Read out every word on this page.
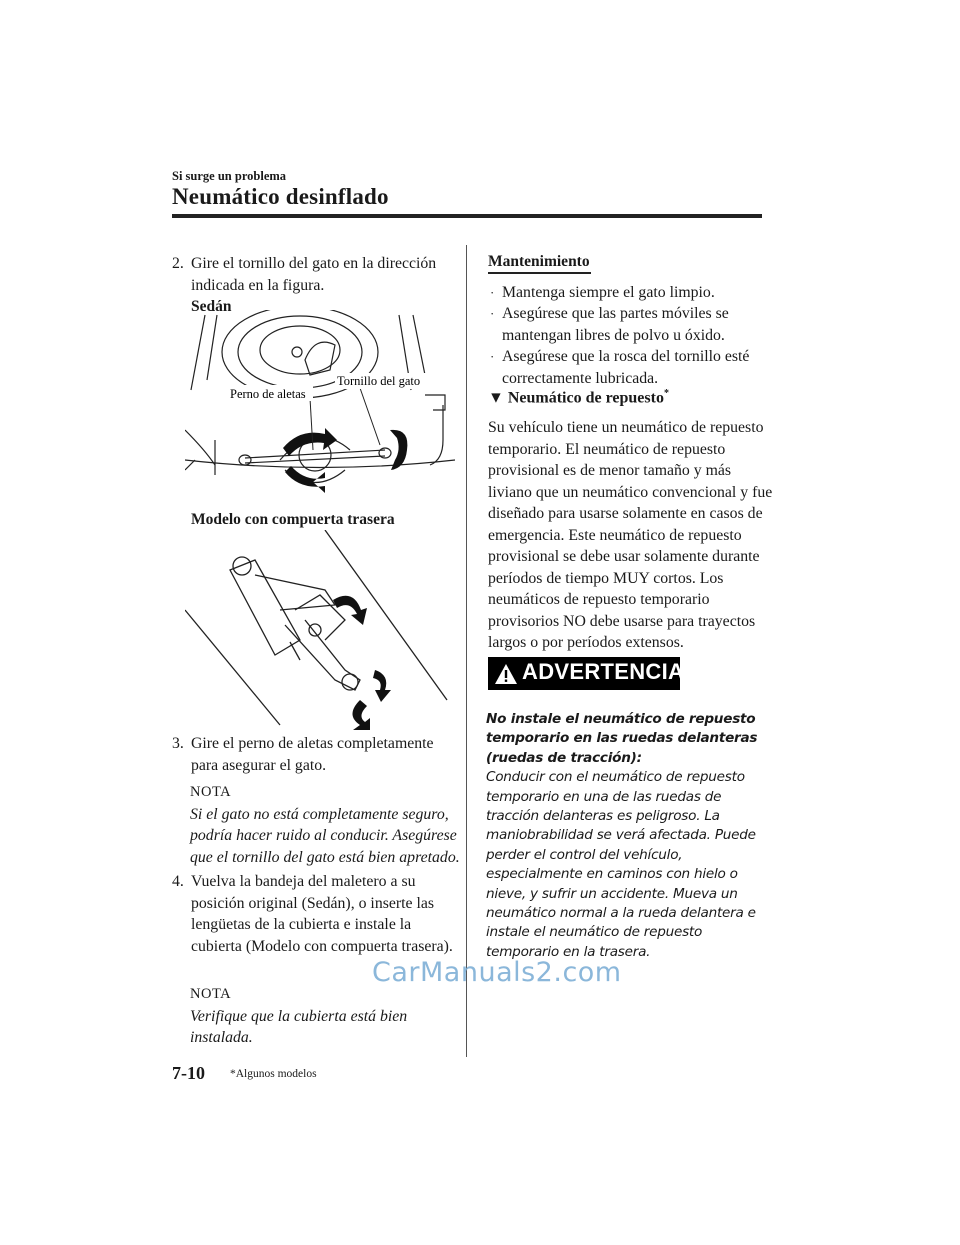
Si surge un problema
Neumático desinflado
2. Gire el tornillo del gato en la dirección indicada en la figura.
Sedán
Perno de aletas
Tornillo del gato
Modelo con compuerta trasera
3. Gire el perno de aletas completamente para asegurar el gato.
NOTA
Si el gato no está completamente seguro, podría hacer ruido al conducir. Asegúrese que el tornillo del gato está bien apretado.
4. Vuelva la bandeja del maletero a su posición original (Sedán), o inserte las lengüetas de la cubierta e instale la cubierta (Modelo con compuerta trasera).
NOTA
Verifique que la cubierta está bien instalada.
Mantenimiento
· Mantenga siempre el gato limpio.
· Asegúrese que las partes móviles se mantengan libres de polvo u óxido.
· Asegúrese que la rosca del tornillo esté correctamente lubricada.
▼ Neumático de repuesto*
Su vehículo tiene un neumático de repuesto temporario. El neumático de repuesto provisional es de menor tamaño y más liviano que un neumático convencional y fue diseñado para usarse solamente en casos de emergencia. Este neumático de repuesto provisional se debe usar solamente durante períodos de tiempo MUY cortos. Los neumáticos de repuesto temporario provisorios NO debe usarse para trayectos largos o por períodos extensos.
ADVERTENCIA
No instale el neumático de repuesto temporario en las ruedas delanteras (ruedas de tracción):
Conducir con el neumático de repuesto temporario en una de las ruedas de tracción delanteras es peligroso. La maniobrabilidad se verá afectada. Puede perder el control del vehículo, especialmente en caminos con hielo o nieve, y sufrir un accidente. Mueva un neumático normal a la rueda delantera e instale el neumático de repuesto temporario en la trasera.
CarManuals2.com
7-10 *Algunos modelos
